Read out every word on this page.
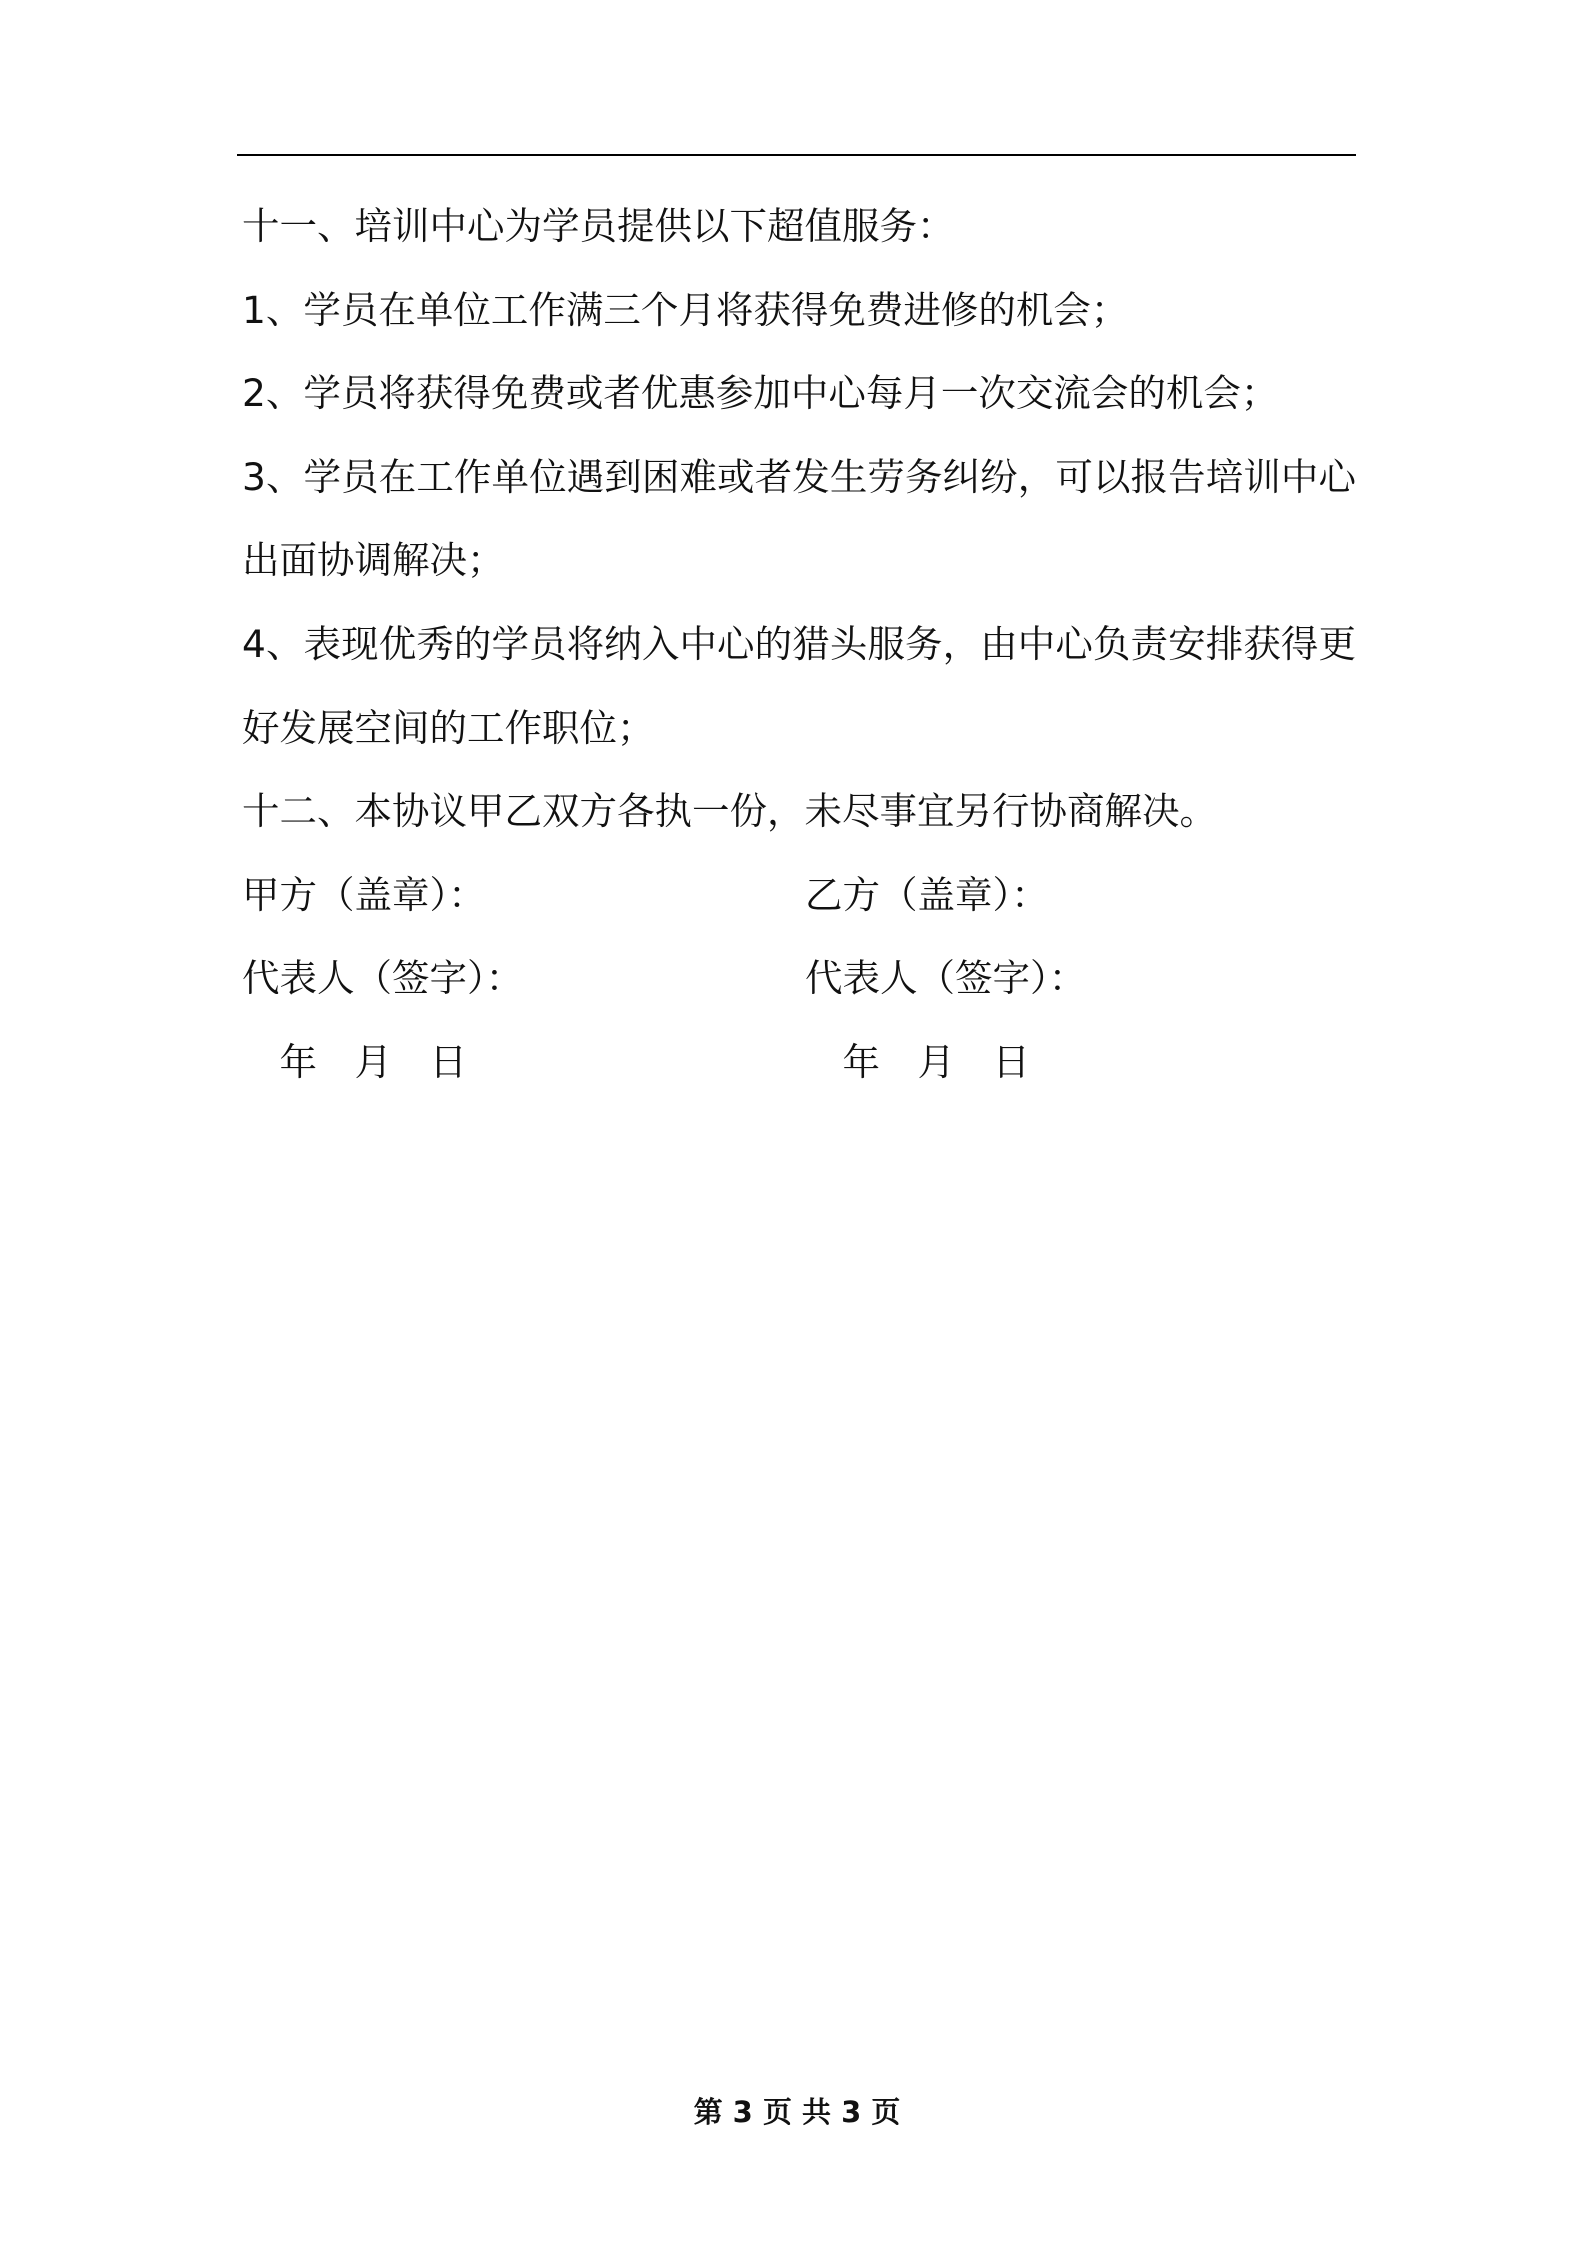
十一、培训中心为学员提供以下超值服务：

1、学员在单位工作满三个月将获得免费进修的机会；

2、学员将获得免费或者优惠参加中心每月一次交流会的机会；

3、学员在工作单位遇到困难或者发生劳务纠纷，可以报告培训中心出面协调解决；

4、表现优秀的学员将纳入中心的猎头服务，由中心负责安排获得更好发展空间的工作职位；

十二、本协议甲乙双方各执一份，未尽事宜另行协商解决。

甲方（盖章）：	乙方（盖章）：
代表人（签字）：	代表人（签字）：
年 月 日	年 月 日
第 3 页 共 3 页
